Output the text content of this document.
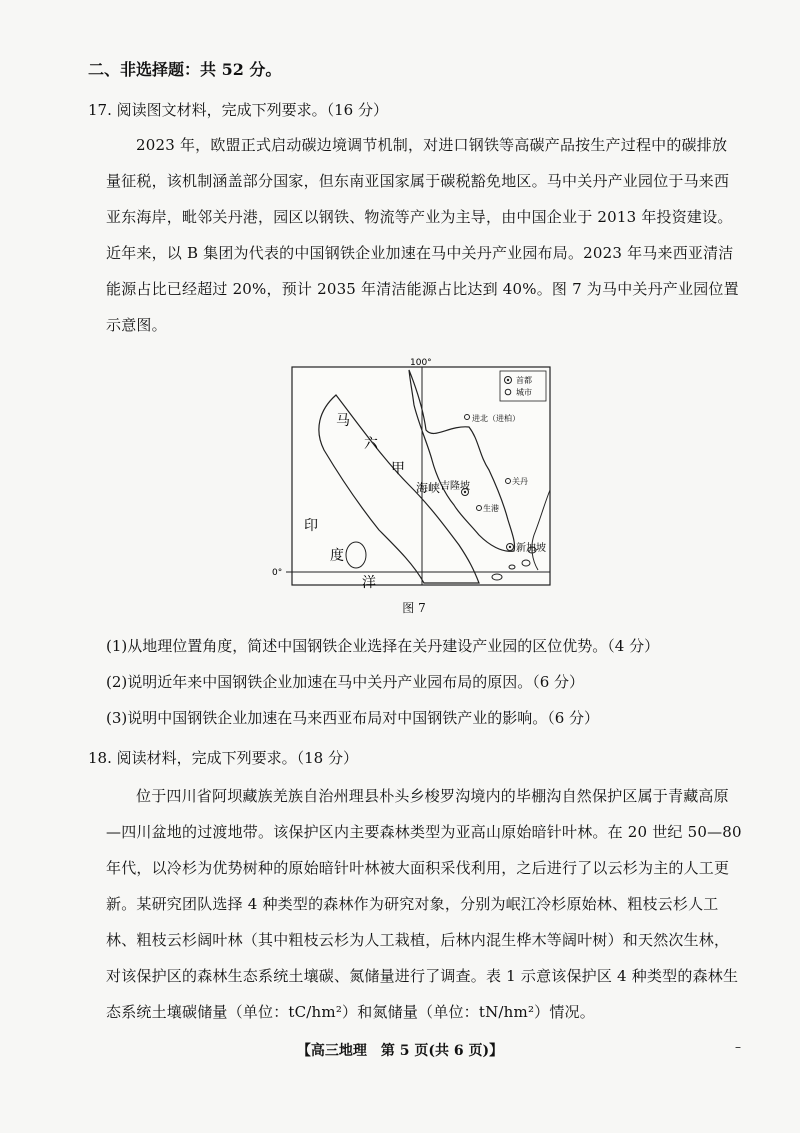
二、非选择题：共 52 分。
17. 阅读图文材料，完成下列要求。（16 分）
2023 年，欧盟正式启动碳边境调节机制，对进口钢铁等高碳产品按生产过程中的碳排放量征税，该机制涵盖部分国家，但东南亚国家属于碳税豁免地区。马中关丹产业园位于马来西亚东海岸，毗邻关丹港，园区以钢铁、物流等产业为主导，由中国企业于 2013 年投资建设。近年来，以 B 集团为代表的中国钢铁企业加速在马中关丹产业园布局。2023 年马来西亚清洁能源占比已经超过 20%，预计 2035 年清洁能源占比达到 40%。图 7 为马中关丹产业园位置示意图。
首都
城市
100°
0°
马
六
甲
海峡
印
度
洋
吉隆坡
进北（进柏）
关丹
生港
新加坡
图 7
(1)从地理位置角度，简述中国钢铁企业选择在关丹建设产业园的区位优势。（4 分）
(2)说明近年来中国钢铁企业加速在马中关丹产业园布局的原因。（6 分）
(3)说明中国钢铁企业加速在马来西亚布局对中国钢铁产业的影响。（6 分）
18. 阅读材料，完成下列要求。（18 分）
位于四川省阿坝藏族羌族自治州理县朴头乡梭罗沟境内的毕棚沟自然保护区属于青藏高原—四川盆地的过渡地带。该保护区内主要森林类型为亚高山原始暗针叶林。在 20 世纪 50—80 年代，以冷杉为优势树种的原始暗针叶林被大面积采伐利用，之后进行了以云杉为主的人工更新。某研究团队选择 4 种类型的森林作为研究对象，分别为岷江冷杉原始林、粗枝云杉人工林、粗枝云杉阔叶林（其中粗枝云杉为人工栽植，后林内混生桦木等阔叶树）和天然次生林，对该保护区的森林生态系统土壤碳、氮储量进行了调查。表 1 示意该保护区 4 种类型的森林生态系统土壤碳储量（单位：tC/hm²）和氮储量（单位：tN/hm²）情况。
【高三地理　第 5 页(共 6 页)】	–
